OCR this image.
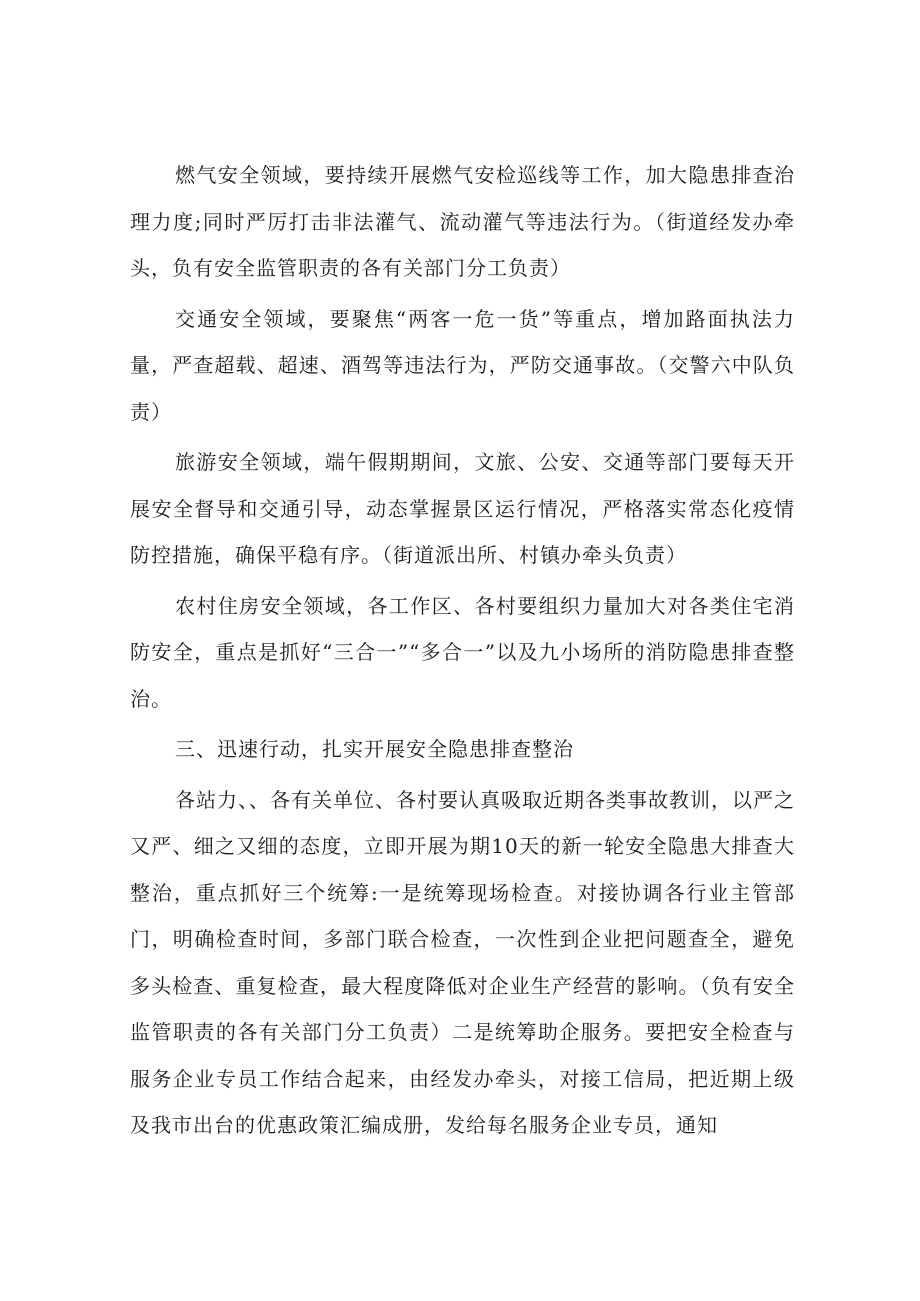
燃气安全领域，要持续开展燃气安检巡线等工作，加大隐患排查治理力度;同时严厉打击非法灌气、流动灌气等违法行为。（街道经发办牵头，负有安全监管职责的各有关部门分工负责）

交通安全领域，要聚焦“两客一危一货”等重点，增加路面执法力量，严查超载、超速、酒驾等违法行为，严防交通事故。（交警六中队负责）

旅游安全领域，端午假期期间，文旅、公安、交通等部门要每天开展安全督导和交通引导，动态掌握景区运行情况，严格落实常态化疫情防控措施，确保平稳有序。（街道派出所、村镇办牵头负责）

农村住房安全领域，各工作区、各村要组织力量加大对各类住宅消防安全，重点是抓好“三合一”“多合一”以及九小场所的消防隐患排查整治。

三、迅速行动，扎实开展安全隐患排查整治

各站力、、各有关单位、各村要认真吸取近期各类事故教训，以严之又严、细之又细的态度，立即开展为期10天的新一轮安全隐患大排查大整治，重点抓好三个统筹:一是统筹现场检查。对接协调各行业主管部门，明确检查时间，多部门联合检查，一次性到企业把问题查全，避免多头检查、重复检查，最大程度降低对企业生产经营的影响。（负有安全监管职责的各有关部门分工负责）二是统筹助企服务。要把安全检查与服务企业专员工作结合起来，由经发办牵头，对接工信局，把近期上级及我市出台的优惠政策汇编成册，发给每名服务企业专员，通知
